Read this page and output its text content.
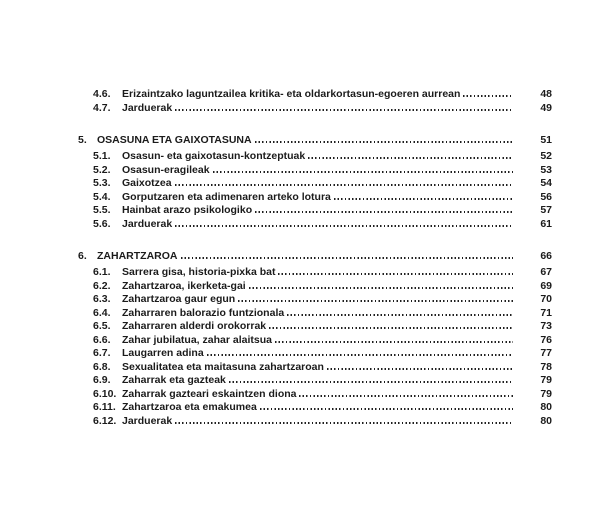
4.6.	Erizaintzako laguntzailea kritika- eta oldarkortasun-egoeren aurrean	48
4.7.	Jarduerak	49
5. OSASUNA ETA GAIXOTASUNA	51
5.1.	Osasun- eta gaixotasun-kontzeptuak	52
5.2.	Osasun-eragileak	53
5.3.	Gaixotzea	54
5.4.	Gorputzaren eta adimenaren arteko lotura	56
5.5.	Hainbat arazo psikologiko	57
5.6.	Jarduerak	61
6. ZAHARTZAROA	66
6.1.	Sarrera gisa, historia-pixka bat	67
6.2.	Zahartzaroa, ikerketa-gai	69
6.3.	Zahartzaroa gaur egun	70
6.4.	Zaharraren balorazio funtzionala	71
6.5.	Zaharraren alderdi orokorrak	73
6.6.	Zahar jubilatua, zahar alaitsua	76
6.7.	Laugarren adina	77
6.8.	Sexualitatea eta maitasuna zahartzaroan	78
6.9.	Zaharrak eta gazteak	79
6.10. Zaharrak gazteari eskaintzen diona	79
6.11. Zahartzaroa eta emakumea	80
6.12. Jarduerak	80
